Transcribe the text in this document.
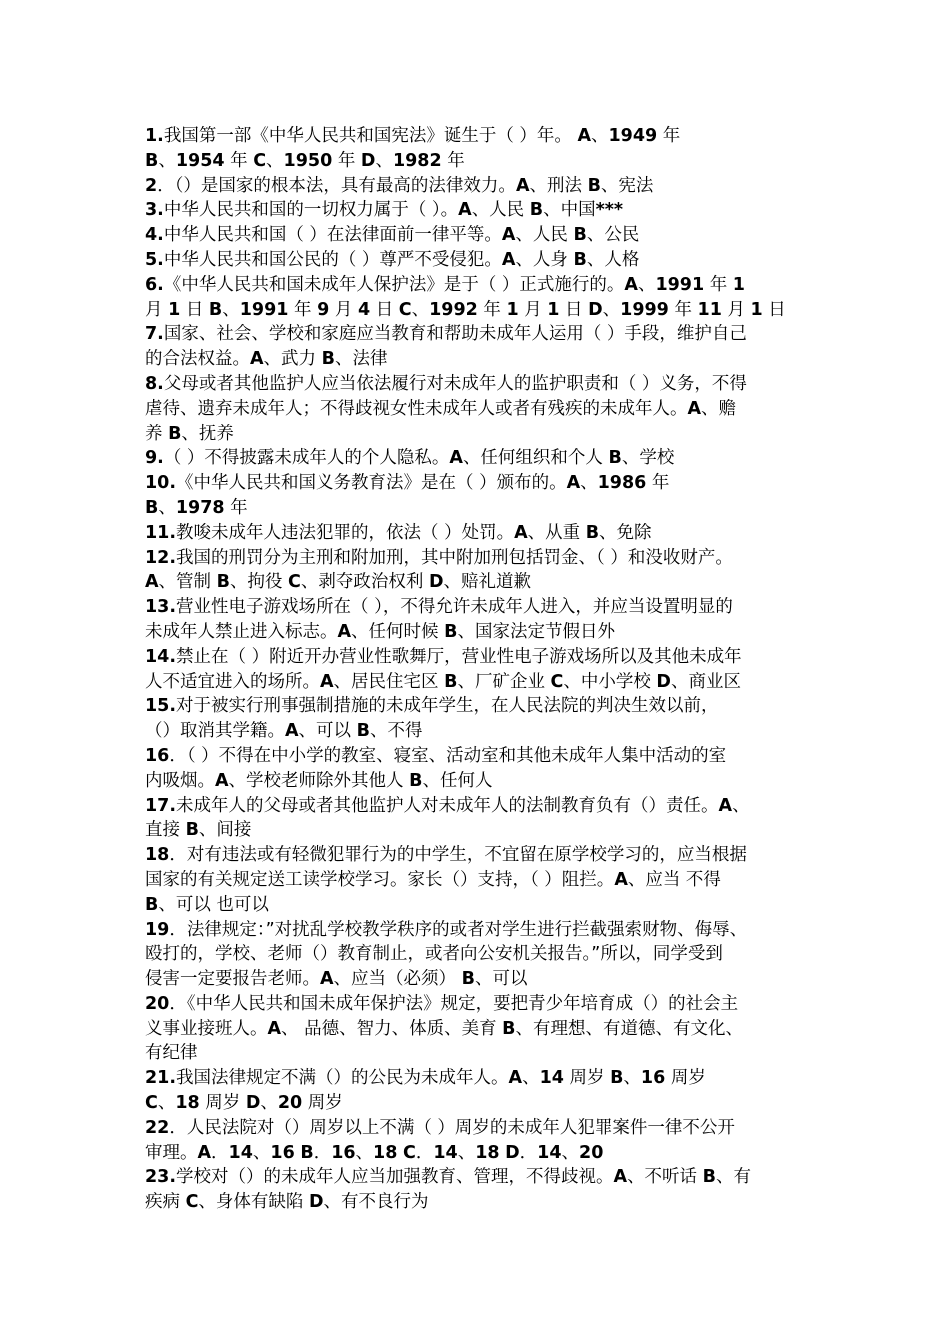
1.我国第一部《中华人民共和国宪法》诞生于（ ）年。 A、1949 年
B、1954 年 C、1950 年 D、1982 年
2．（）是国家的根本法，具有最高的法律效力。A、刑法 B、宪法
3.中华人民共和国的一切权力属于（ ）。A、人民 B、中国***
4.中华人民共和国（ ）在法律面前一律平等。A、人民 B、公民
5.中华人民共和国公民的（ ）尊严不受侵犯。A、人身 B、人格
6.《中华人民共和国未成年人保护法》是于（ ）正式施行的。A、1991 年 1
月 1 日 B、1991 年 9 月 4 日 C、1992 年 1 月 1 日 D、1999 年 11 月 1 日
7.国家、社会、学校和家庭应当教育和帮助未成年人运用（ ）手段，维护自己
的合法权益。A、武力 B、法律
8.父母或者其他监护人应当依法履行对未成年人的监护职责和（ ）义务，不得
虐待、遗弃未成年人；不得歧视女性未成年人或者有残疾的未成年人。A、赡
养 B、抚养
9.（ ）不得披露未成年人的个人隐私。A、任何组织和个人 B、学校
10.《中华人民共和国义务教育法》是在（ ）颁布的。A、1986 年
B、1978 年
11.教唆未成年人违法犯罪的，依法（ ）处罚。A、从重 B、免除
12.我国的刑罚分为主刑和附加刑，其中附加刑包括罚金、（ ）和没收财产。
A、管制 B、拘役 C、剥夺政治权利 D、赔礼道歉
13.营业性电子游戏场所在（ ），不得允许未成年人进入，并应当设置明显的
未成年人禁止进入标志。A、任何时候 B、国家法定节假日外
14.禁止在（ ）附近开办营业性歌舞厅，营业性电子游戏场所以及其他未成年
人不适宜进入的场所。A、居民住宅区 B、厂矿企业 C、中小学校 D、商业区
15.对于被实行刑事强制措施的未成年学生，在人民法院的判决生效以前，
（）取消其学籍。A、可以 B、不得
16．（ ）不得在中小学的教室、寝室、活动室和其他未成年人集中活动的室
内吸烟。A、学校老师除外其他人 B、任何人
17.未成年人的父母或者其他监护人对未成年人的法制教育负有（）责任。A、
直接 B、间接
18．对有违法或有轻微犯罪行为的中学生，不宜留在原学校学习的，应当根据
国家的有关规定送工读学校学习。家长（）支持，（ ）阻拦。A、应当 不得
B、可以 也可以
19．法律规定：”对扰乱学校教学秩序的或者对学生进行拦截强索财物、侮辱、
殴打的，学校、老师（）教育制止，或者向公安机关报告。”所以，同学受到
侵害一定要报告老师。A、应当（必须） B、可以
20．《中华人民共和国未成年保护法》规定，要把青少年培育成（）的社会主
义事业接班人。A、 品德、智力、体质、美育 B、有理想、有道德、有文化、
有纪律
21.我国法律规定不满（）的公民为未成年人。A、14 周岁 B、16 周岁
C、18 周岁 D、20 周岁
22．人民法院对（）周岁以上不满（ ）周岁的未成年人犯罪案件一律不公开
审理。A．14、16 B．16、18 C．14、18 D．14、20
23.学校对（）的未成年人应当加强教育、管理，不得歧视。A、不听话 B、有
疾病 C、身体有缺陷 D、有不良行为
